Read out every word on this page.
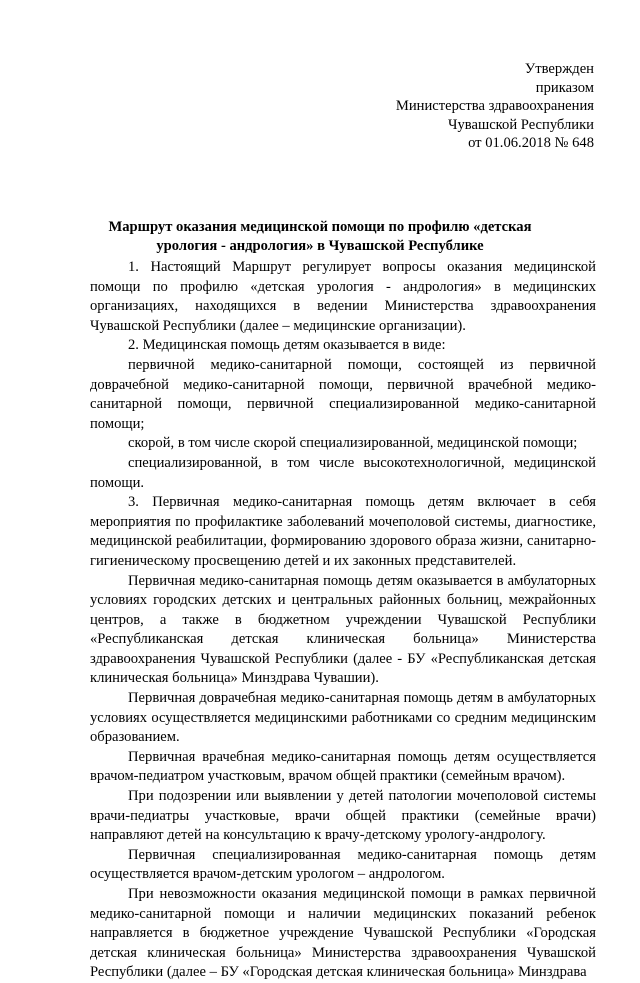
Утвержден
приказом
Министерства здравоохранения
Чувашской Республики
от 01.06.2018 № 648
Маршрут оказания медицинской помощи по профилю «детская урология - андрология» в Чувашской Республике

1. Настоящий Маршрут регулирует вопросы оказания медицинской помощи по профилю «детская урология - андрология» в медицинских организациях, находящихся в ведении Министерства здравоохранения Чувашской Республики (далее – медицинские организации).

2. Медицинская помощь детям оказывается в виде:

первичной медико-санитарной помощи, состоящей из первичной доврачебной медико-санитарной помощи, первичной врачебной медико-санитарной помощи, первичной специализированной медико-санитарной помощи;

скорой, в том числе скорой специализированной, медицинской помощи;

специализированной, в том числе высокотехнологичной, медицинской помощи.

3. Первичная медико-санитарная помощь детям включает в себя мероприятия по профилактике заболеваний мочеполовой системы, диагностике, медицинской реабилитации, формированию здорового образа жизни, санитарно-гигиеническому просвещению детей и их законных представителей.

Первичная медико-санитарная помощь детям оказывается в амбулаторных условиях городских детских и центральных районных больниц, межрайонных центров, а также в бюджетном учреждении Чувашской Республики «Республиканская детская клиническая больница» Министерства здравоохранения Чувашской Республики (далее - БУ «Республиканская детская клиническая больница» Минздрава Чувашии).

Первичная доврачебная медико-санитарная помощь детям в амбулаторных условиях осуществляется медицинскими работниками со средним медицинским образованием.

Первичная врачебная медико-санитарная помощь детям осуществляется врачом-педиатром участковым, врачом общей практики (семейным врачом).

При подозрении или выявлении у детей патологии мочеполовой системы врачи-педиатры участковые, врачи общей практики (семейные врачи) направляют детей на консультацию к врачу-детскому урологу-андрологу.

Первичная специализированная медико-санитарная помощь детям осуществляется врачом-детским урологом – андрологом.

При невозможности оказания медицинской помощи в рамках первичной медико-санитарной помощи и наличии медицинских показаний ребенок направляется в бюджетное учреждение Чувашской Республики «Городская детская клиническая больница» Министерства здравоохранения Чувашской Республики (далее – БУ «Городская детская клиническая больница» Минздрава
